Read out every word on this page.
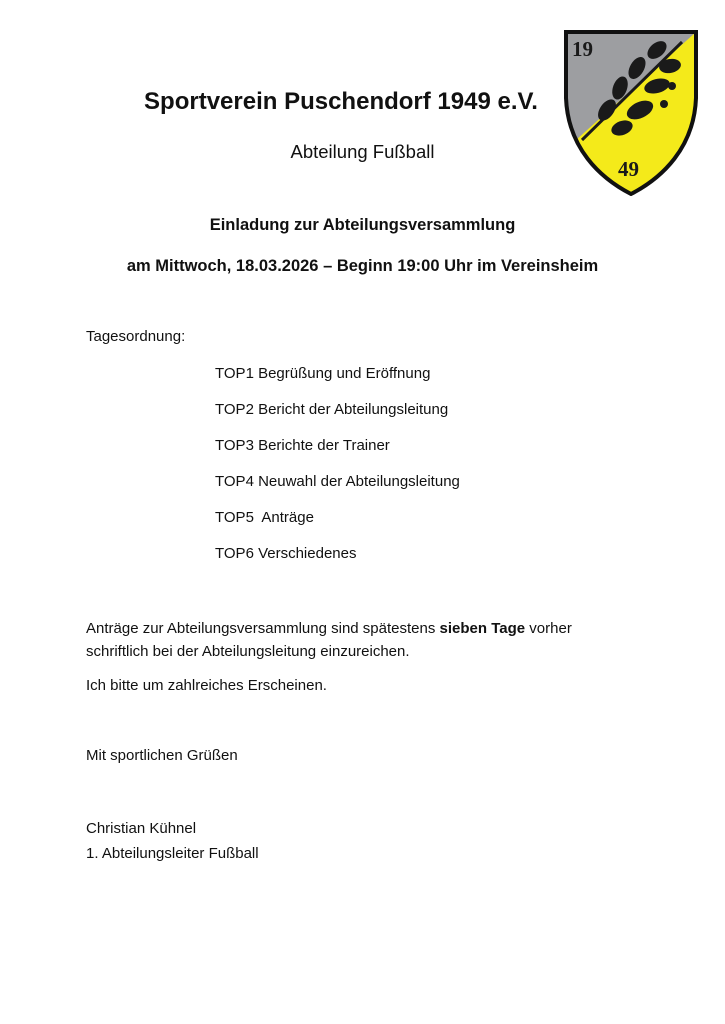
19
49
Sportverein Puschendorf 1949 e.V.
Abteilung Fußball
Einladung zur Abteilungsversammlung
am Mittwoch, 18.03.2026 – Beginn 19:00 Uhr im Vereinsheim
Tagesordnung:
TOP1 Begrüßung und Eröffnung
TOP2 Bericht der Abteilungsleitung
TOP3 Berichte der Trainer
TOP4 Neuwahl der Abteilungsleitung
TOP5  Anträge
TOP6 Verschiedenes
Anträge zur Abteilungsversammlung sind spätestens sieben Tage vorher
schriftlich bei der Abteilungsleitung einzureichen.
Ich bitte um zahlreiches Erscheinen.
Mit sportlichen Grüßen
Christian Kühnel
1. Abteilungsleiter Fußball
